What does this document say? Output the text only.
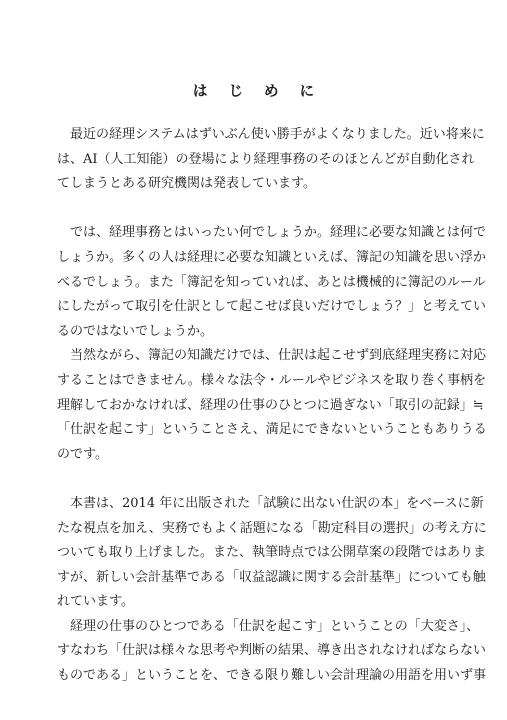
は じ め に
　最近の経理システムはずいぶん使い勝手がよくなりました。近い将来に
は、AI（人工知能）の登場により経理事務のそのほとんどが自動化され
てしまうとある研究機関は発表しています。
　では、経理事務とはいったい何でしょうか。経理に必要な知識とは何で
しょうか。多くの人は経理に必要な知識といえば、簿記の知識を思い浮か
べるでしょう。また「簿記を知っていれば、あとは機械的に簿記のルール
にしたがって取引を仕訳として起こせば良いだけでしょう？」と考えてい
るのではないでしょうか。
　当然ながら、簿記の知識だけでは、仕訳は起こせず到底経理実務に対応
することはできません。様々な法令・ルールやビジネスを取り巻く事柄を
理解しておかなければ、経理の仕事のひとつに過ぎない「取引の記録」≒
「仕訳を起こす」ということさえ、満足にできないということもありうる
のです。
　本書は、2014 年に出版された「試験に出ない仕訳の本」をベースに新
たな視点を加え、実務でもよく話題になる「勘定科目の選択」の考え方に
ついても取り上げました。また、執筆時点では公開草案の段階ではありま
すが、新しい会計基準である「収益認識に関する会計基準」についても触
れています。
　経理の仕事のひとつである「仕訳を起こす」ということの「大変さ」、
すなわち「仕訳は様々な思考や判断の結果、導き出されなければならない
ものである」ということを、できる限り難しい会計理論の用語を用いず事
